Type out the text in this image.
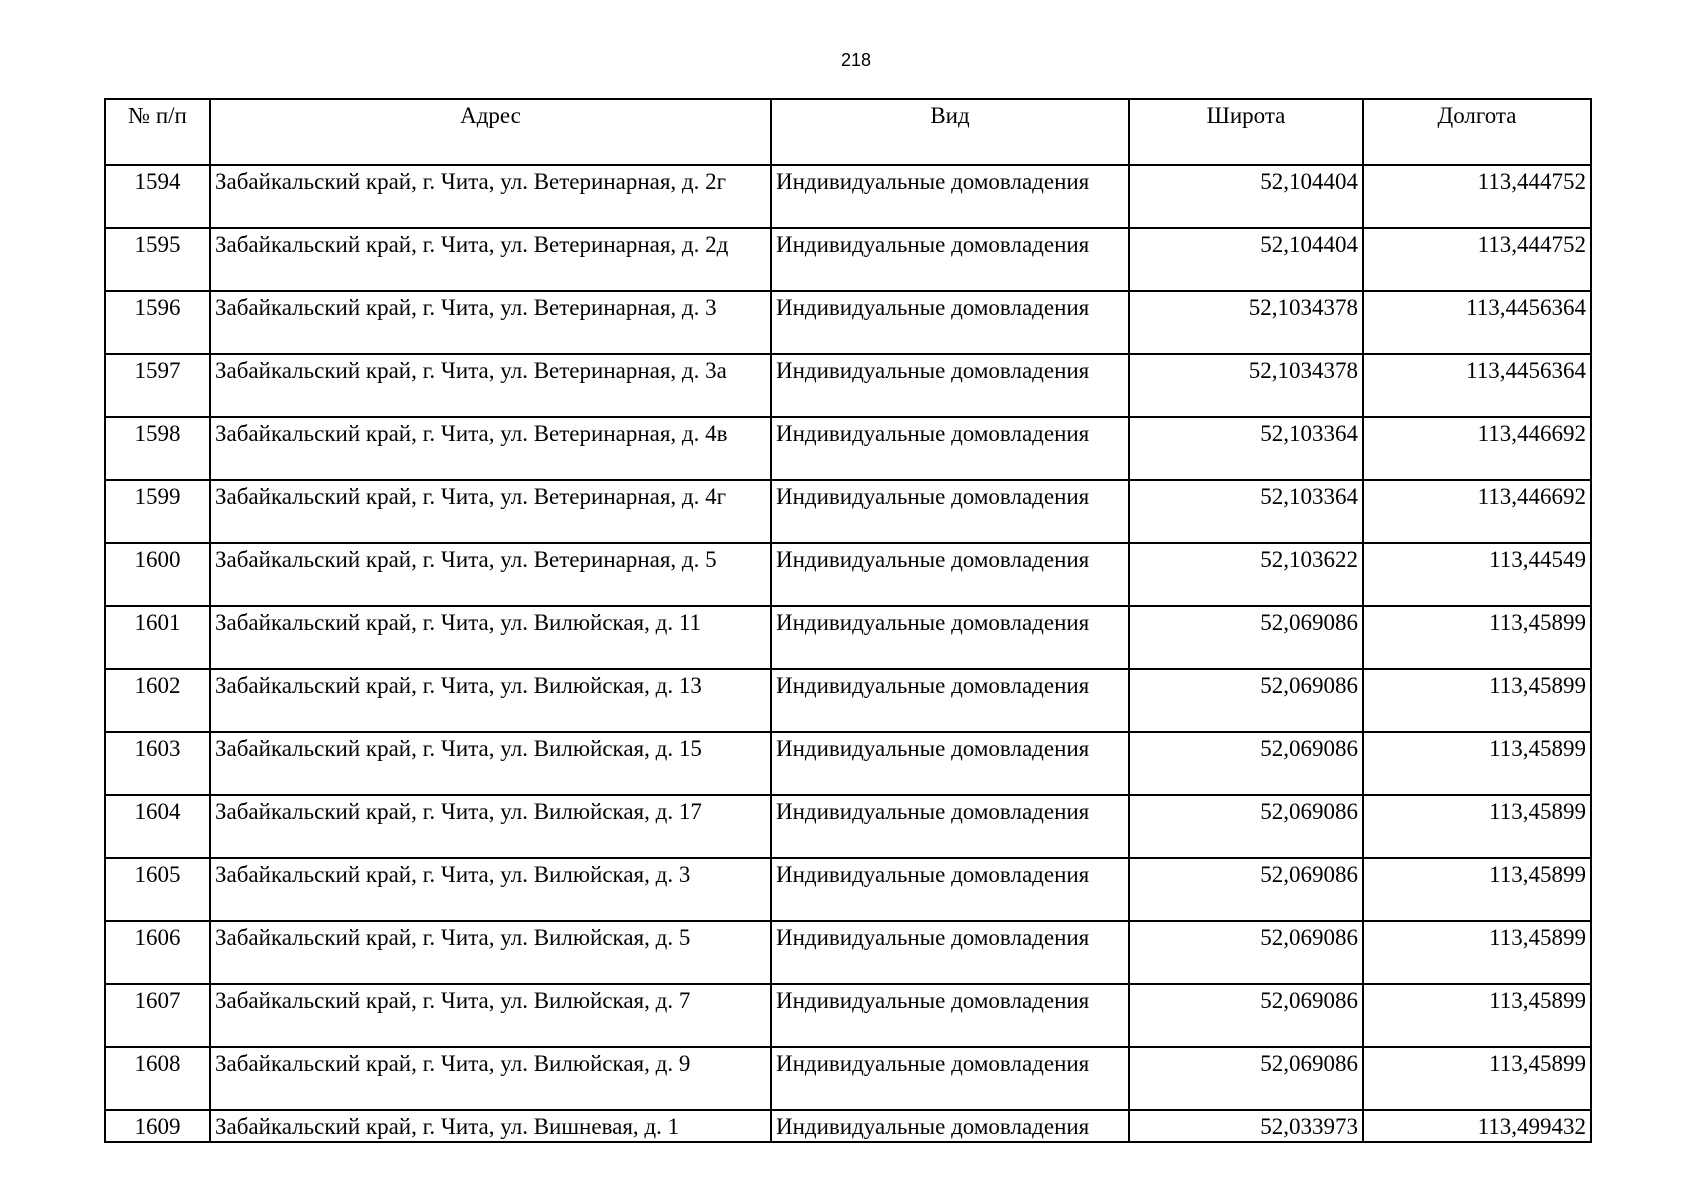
218
№ п/п	Адрес	Вид	Широта	Долгота
1594	Забайкальский край, г. Чита, ул. Ветеринарная, д. 2г	Индивидуальные домовладения	52,104404	113,444752
1595	Забайкальский край, г. Чита, ул. Ветеринарная, д. 2д	Индивидуальные домовладения	52,104404	113,444752
1596	Забайкальский край, г. Чита, ул. Ветеринарная, д. 3	Индивидуальные домовладения	52,1034378	113,4456364
1597	Забайкальский край, г. Чита, ул. Ветеринарная, д. 3а	Индивидуальные домовладения	52,1034378	113,4456364
1598	Забайкальский край, г. Чита, ул. Ветеринарная, д. 4в	Индивидуальные домовладения	52,103364	113,446692
1599	Забайкальский край, г. Чита, ул. Ветеринарная, д. 4г	Индивидуальные домовладения	52,103364	113,446692
1600	Забайкальский край, г. Чита, ул. Ветеринарная, д. 5	Индивидуальные домовладения	52,103622	113,44549
1601	Забайкальский край, г. Чита, ул. Вилюйская, д. 11	Индивидуальные домовладения	52,069086	113,45899
1602	Забайкальский край, г. Чита, ул. Вилюйская, д. 13	Индивидуальные домовладения	52,069086	113,45899
1603	Забайкальский край, г. Чита, ул. Вилюйская, д. 15	Индивидуальные домовладения	52,069086	113,45899
1604	Забайкальский край, г. Чита, ул. Вилюйская, д. 17	Индивидуальные домовладения	52,069086	113,45899
1605	Забайкальский край, г. Чита, ул. Вилюйская, д. 3	Индивидуальные домовладения	52,069086	113,45899
1606	Забайкальский край, г. Чита, ул. Вилюйская, д. 5	Индивидуальные домовладения	52,069086	113,45899
1607	Забайкальский край, г. Чита, ул. Вилюйская, д. 7	Индивидуальные домовладения	52,069086	113,45899
1608	Забайкальский край, г. Чита, ул. Вилюйская, д. 9	Индивидуальные домовладения	52,069086	113,45899
1609	Забайкальский край, г. Чита, ул. Вишневая, д. 1	Индивидуальные домовладения	52,033973	113,499432
